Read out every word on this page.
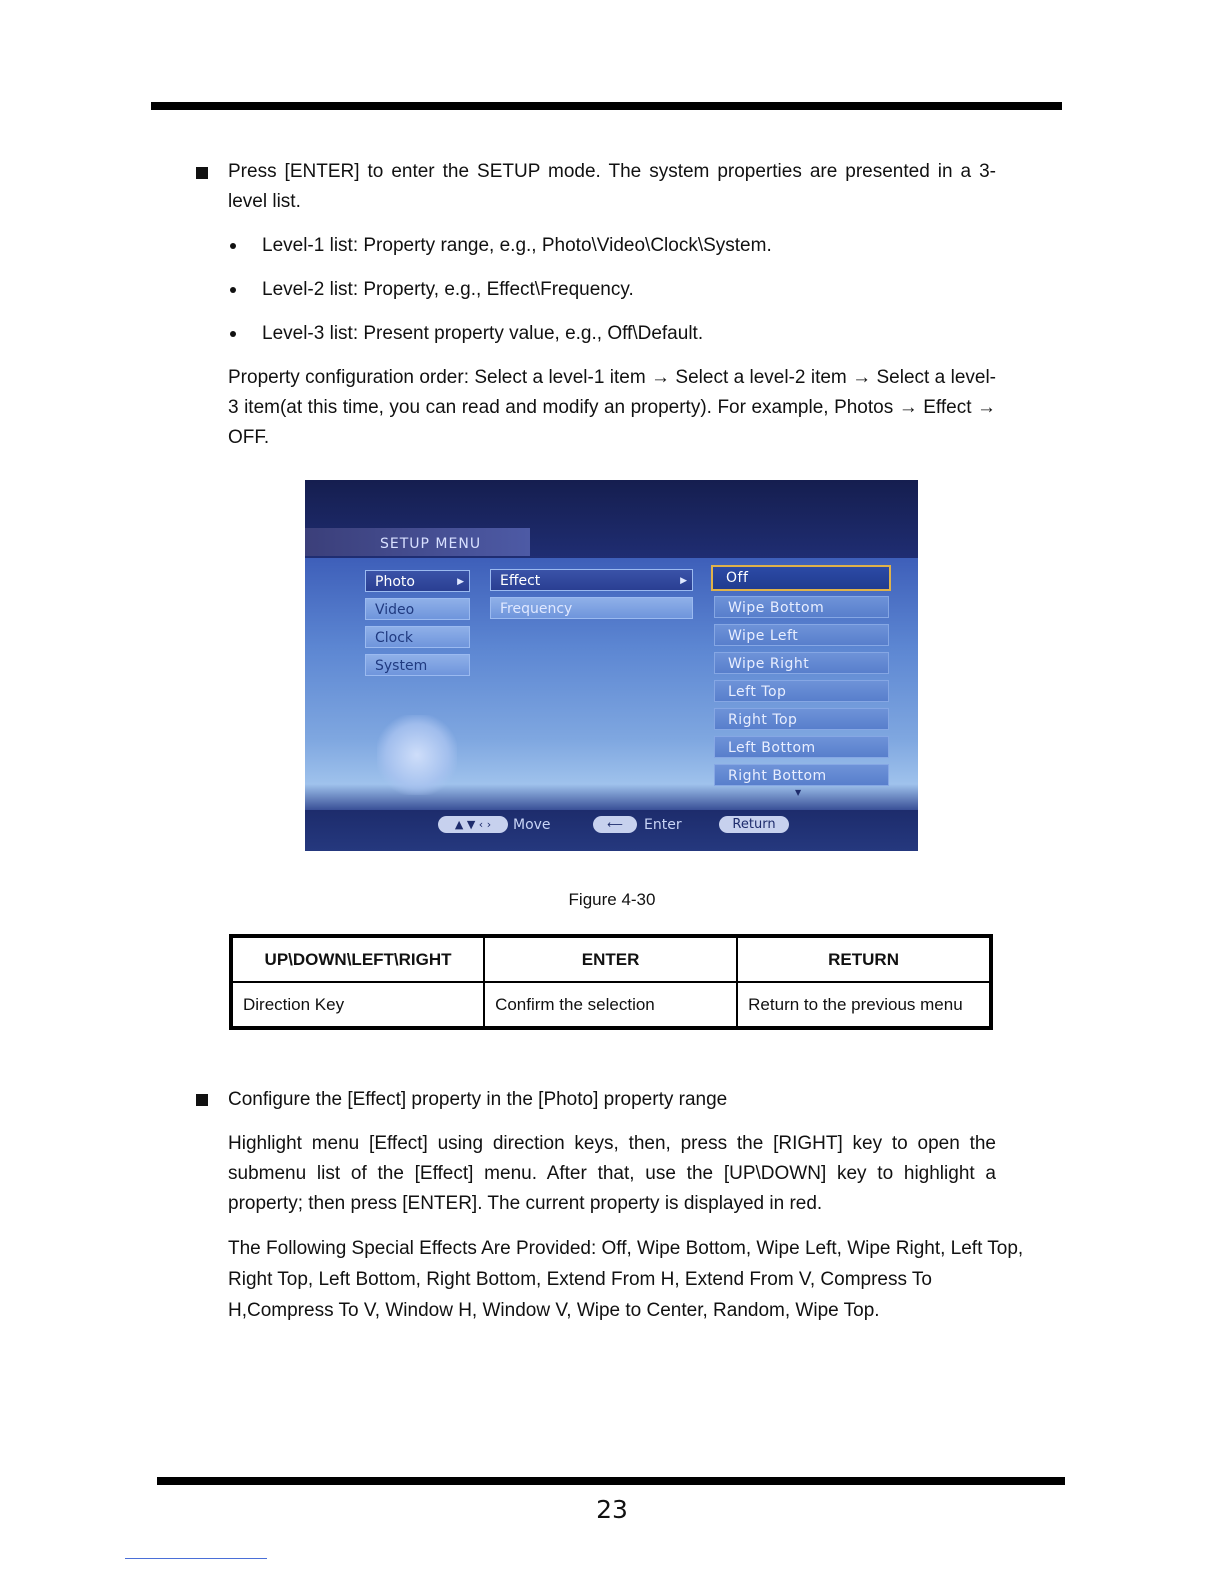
Press [ENTER] to enter the SETUP mode. The system properties are presented in a 3-level list.

Level-1 list: Property range, e.g., Photo\Video\Clock\System.

Level-2 list: Property, e.g., Effect\Frequency.

Level-3 list: Present property value, e.g., Off\Default.

Property configuration order: Select a level-1 item → Select a level-2 item → Select a level-3 item(at this time, you can read and modify an property). For example, Photos → Effect → OFF.

SETUP MENU
Photo	▶
Video
Clock
System
Effect	▶
Frequency
Off
Wipe Bottom
Wipe Left
Wipe Right
Left Top
Right Top
Left Bottom
Right Bottom
▼
▲ ▼ ‹ ›	Move	⟵	Enter	Return
Figure 4-30
UP\DOWN\LEFT\RIGHT	ENTER	RETURN
Direction Key	Confirm the selection	Return to the previous menu

Configure the [Effect] property in the [Photo] property range

Highlight menu [Effect] using direction keys, then, press the [RIGHT] key to open the submenu list of the [Effect] menu. After that, use the [UP\DOWN] key to highlight a property; then press [ENTER]. The current property is displayed in red.

The Following Special Effects Are Provided: Off, Wipe Bottom, Wipe Left, Wipe Right, Left Top, Right Top, Left Bottom, Right Bottom, Extend From H, Extend From V, Compress To H,Compress To V, Window H, Window V, Wipe to Center, Random, Wipe Top.

23
